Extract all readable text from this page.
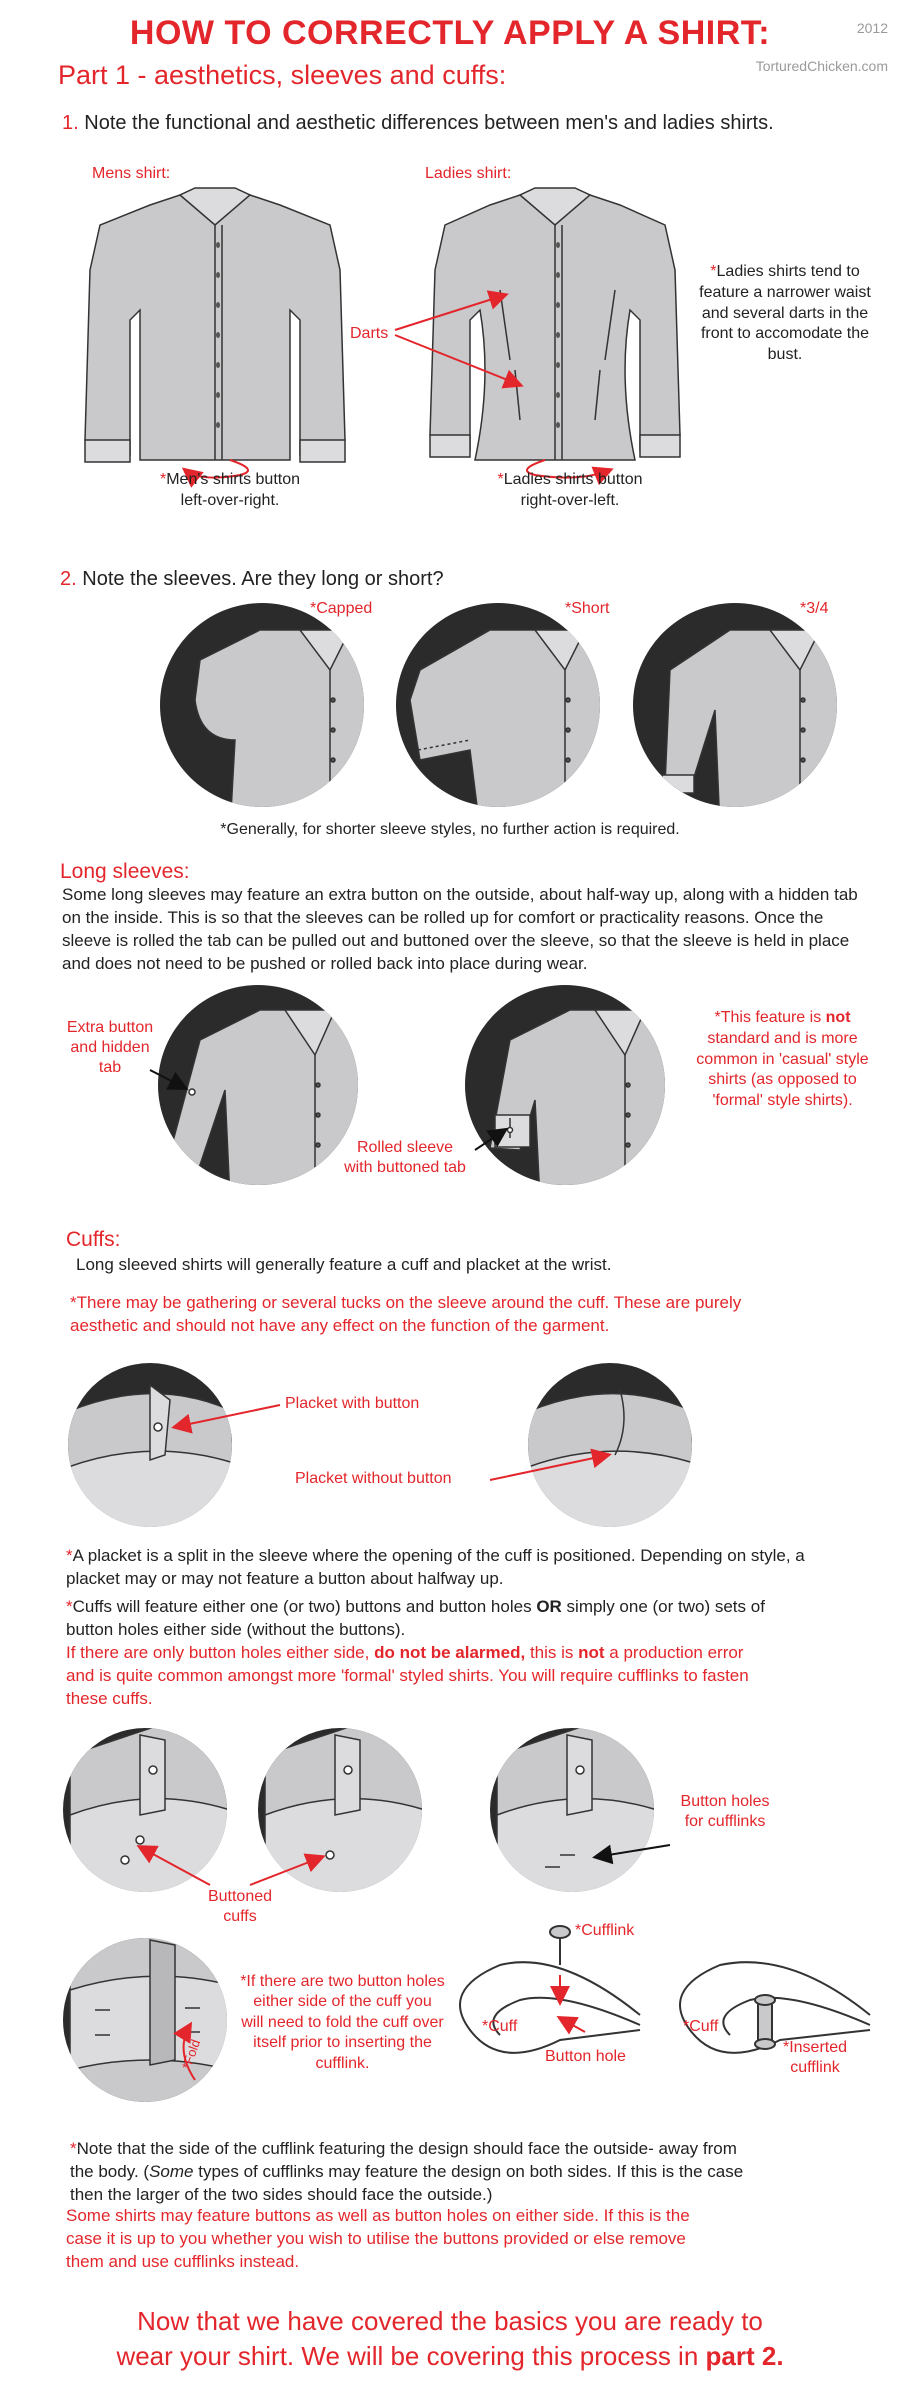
HOW TO CORRECTLY APPLY A SHIRT:	2012
TorturedChicken.com
Part 1 - aesthetics, sleeves and cuffs:
1. Note the functional and aesthetic differences between men's and ladies shirts.
Mens shirt:	Ladies shirt:
Darts
*Ladies shirts tend to feature a narrower waist and several darts in the front to accomodate the bust.
*Men's shirts button
left-over-right.
*Ladies shirts button
right-over-left.
2. Note the sleeves. Are they long or short?
*Capped	*Short	*3/4
*Generally, for shorter sleeve styles, no further action is required.
Long sleeves:
Some long sleeves may feature an extra button on the outside, about half-way up, along with a hidden tab on the inside. This is so that the sleeves can be rolled up for comfort or practicality reasons. Once the sleeve is rolled the tab can be pulled out and buttoned over the sleeve, so that the sleeve is held in place and does not need to be pushed or rolled back into place during wear.
Extra button
and hidden
tab
Rolled sleeve
with buttoned tab
*This feature is not standard and is more common in 'casual' style shirts (as opposed to 'formal' style shirts).
Cuffs:
Long sleeved shirts will generally feature a cuff and placket at the wrist.
*There may be gathering or several tucks on the sleeve around the cuff. These are purely aesthetic and should not have any effect on the function of the garment.
Placket with button
Placket without button
*A placket is a split in the sleeve where the opening of the cuff is positioned. Depending on style, a placket may or may not feature a button about halfway up.
*Cuffs will feature either one (or two) buttons and button holes OR simply one (or two) sets of button holes either side (without the buttons).
If there are only button holes either side, do not be alarmed, this is not a production error and is quite common amongst more 'formal' styled shirts. You will require cufflinks to fasten these cuffs.
Buttoned
cuffs
Button holes
for cufflinks
*Fold
*Cufflink
*Cuff
Button hole
*Cuff
*Inserted
cufflink
*If there are two button holes either side of the cuff you will need to fold the cuff over itself prior to inserting the cufflink.
*Note that the side of the cufflink featuring the design should face the outside- away from the body. (Some types of cufflinks may feature the design on both sides. If this is the case then the larger of the two sides should face the outside.)
Some shirts may feature buttons as well as button holes on either side. If this is the case it is up to you whether you wish to utilise the buttons provided or else remove them and use cufflinks instead.
Now that we have covered the basics you are ready to
wear your shirt. We will be covering this process in part 2.
